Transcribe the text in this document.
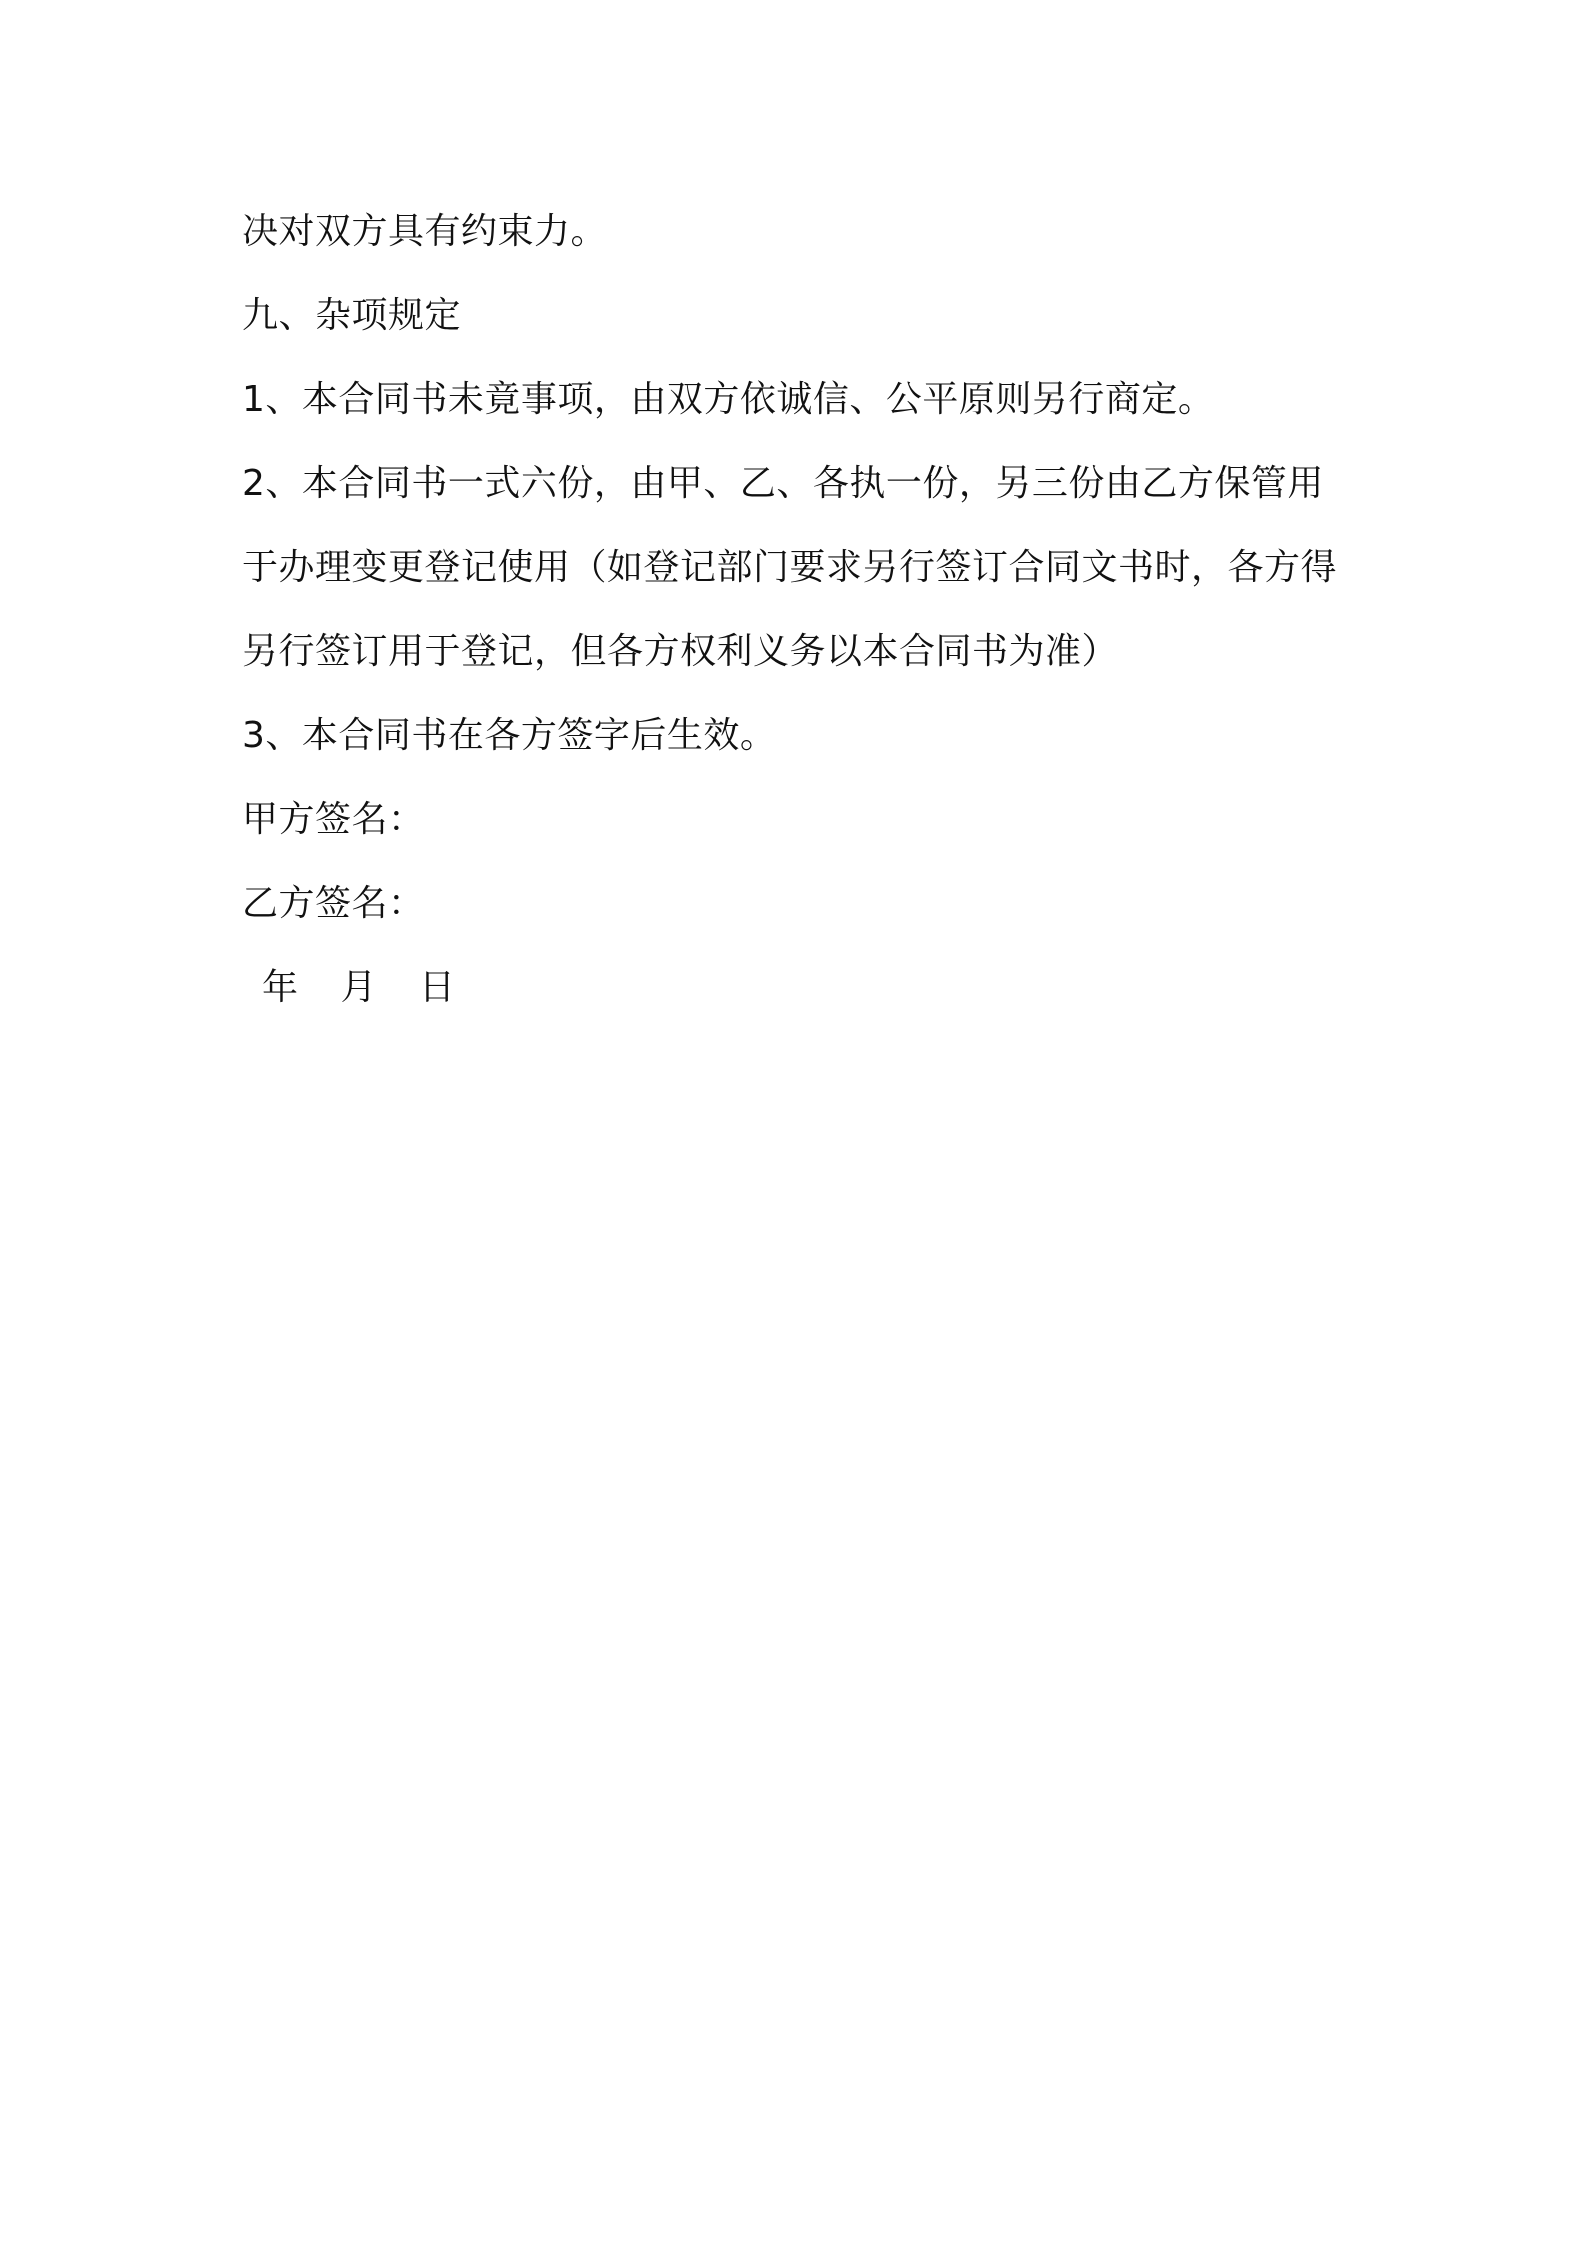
决对双方具有约束力。
九、杂项规定
1、本合同书未竟事项，由双方依诚信、公平原则另行商定。
2、本合同书一式六份，由甲、乙、各执一份，另三份由乙方保管用
于办理变更登记使用（如登记部门要求另行签订合同文书时，各方得
另行签订用于登记，但各方权利义务以本合同书为准）
3、本合同书在各方签字后生效。
甲方签名：
乙方签名：
年 月 日
